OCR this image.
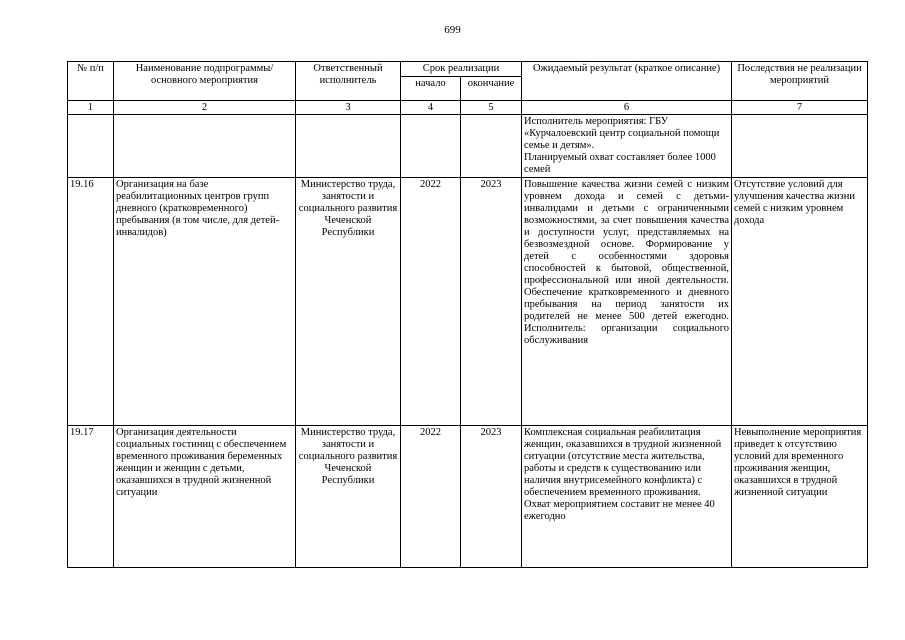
699
№ п/п	Наименование подпрограммы/ основного мероприятия	Ответственный исполнитель	Срок реализации		Ожидаемый результат (краткое описание)	Последствия не реализации мероприятий
			начало	окончание		
1	2	3	4	5	6	7
					Исполнитель мероприятия: ГБУ «Курчалоевский центр социальной помощи семье и детям».
Планируемый охват составляет более 1000 семей	
19.16	Организация на базе реабилитационных центров групп дневного (кратковременного) пребывания (в том числе, для детей-инвалидов)	Министерство труда, занятости и социального развития Чеченской Республики	2022	2023	Повышение качества жизни семей с низким уровнем дохода и семей с детьми-инвалидами и детьми с ограниченными возможностями, за счет повышения качества и доступности услуг, представляемых на безвозмездной основе. Формирование у детей с особенностями здоровья способностей к бытовой, общественной, профессиональной или иной деятельности. Обеспечение кратковременного и дневного пребывания на период занятости их родителей не менее 500 детей ежегодно. Исполнитель: организации социального обслуживания	Отсутствие условий для улучшения качества жизни семей с низким уровнем дохода
19.17	Организация деятельности социальных гостиниц с обеспечением временного проживания беременных женщин и женщин с детьми, оказавшихся в трудной жизненной ситуации	Министерство труда, занятости и социального развития Чеченской Республики	2022	2023	Комплексная социальная реабилитация женщин, оказавшихся в трудной жизненной ситуации (отсутствие места жительства, работы и средств к существованию или наличия внутрисемейного конфликта) с обеспечением временного проживания. Охват мероприятием составит не менее 40 ежегодно	Невыполнение мероприятия приведет к отсутствию условий для временного проживания женщин, оказавшихся в трудной жизненной ситуации
